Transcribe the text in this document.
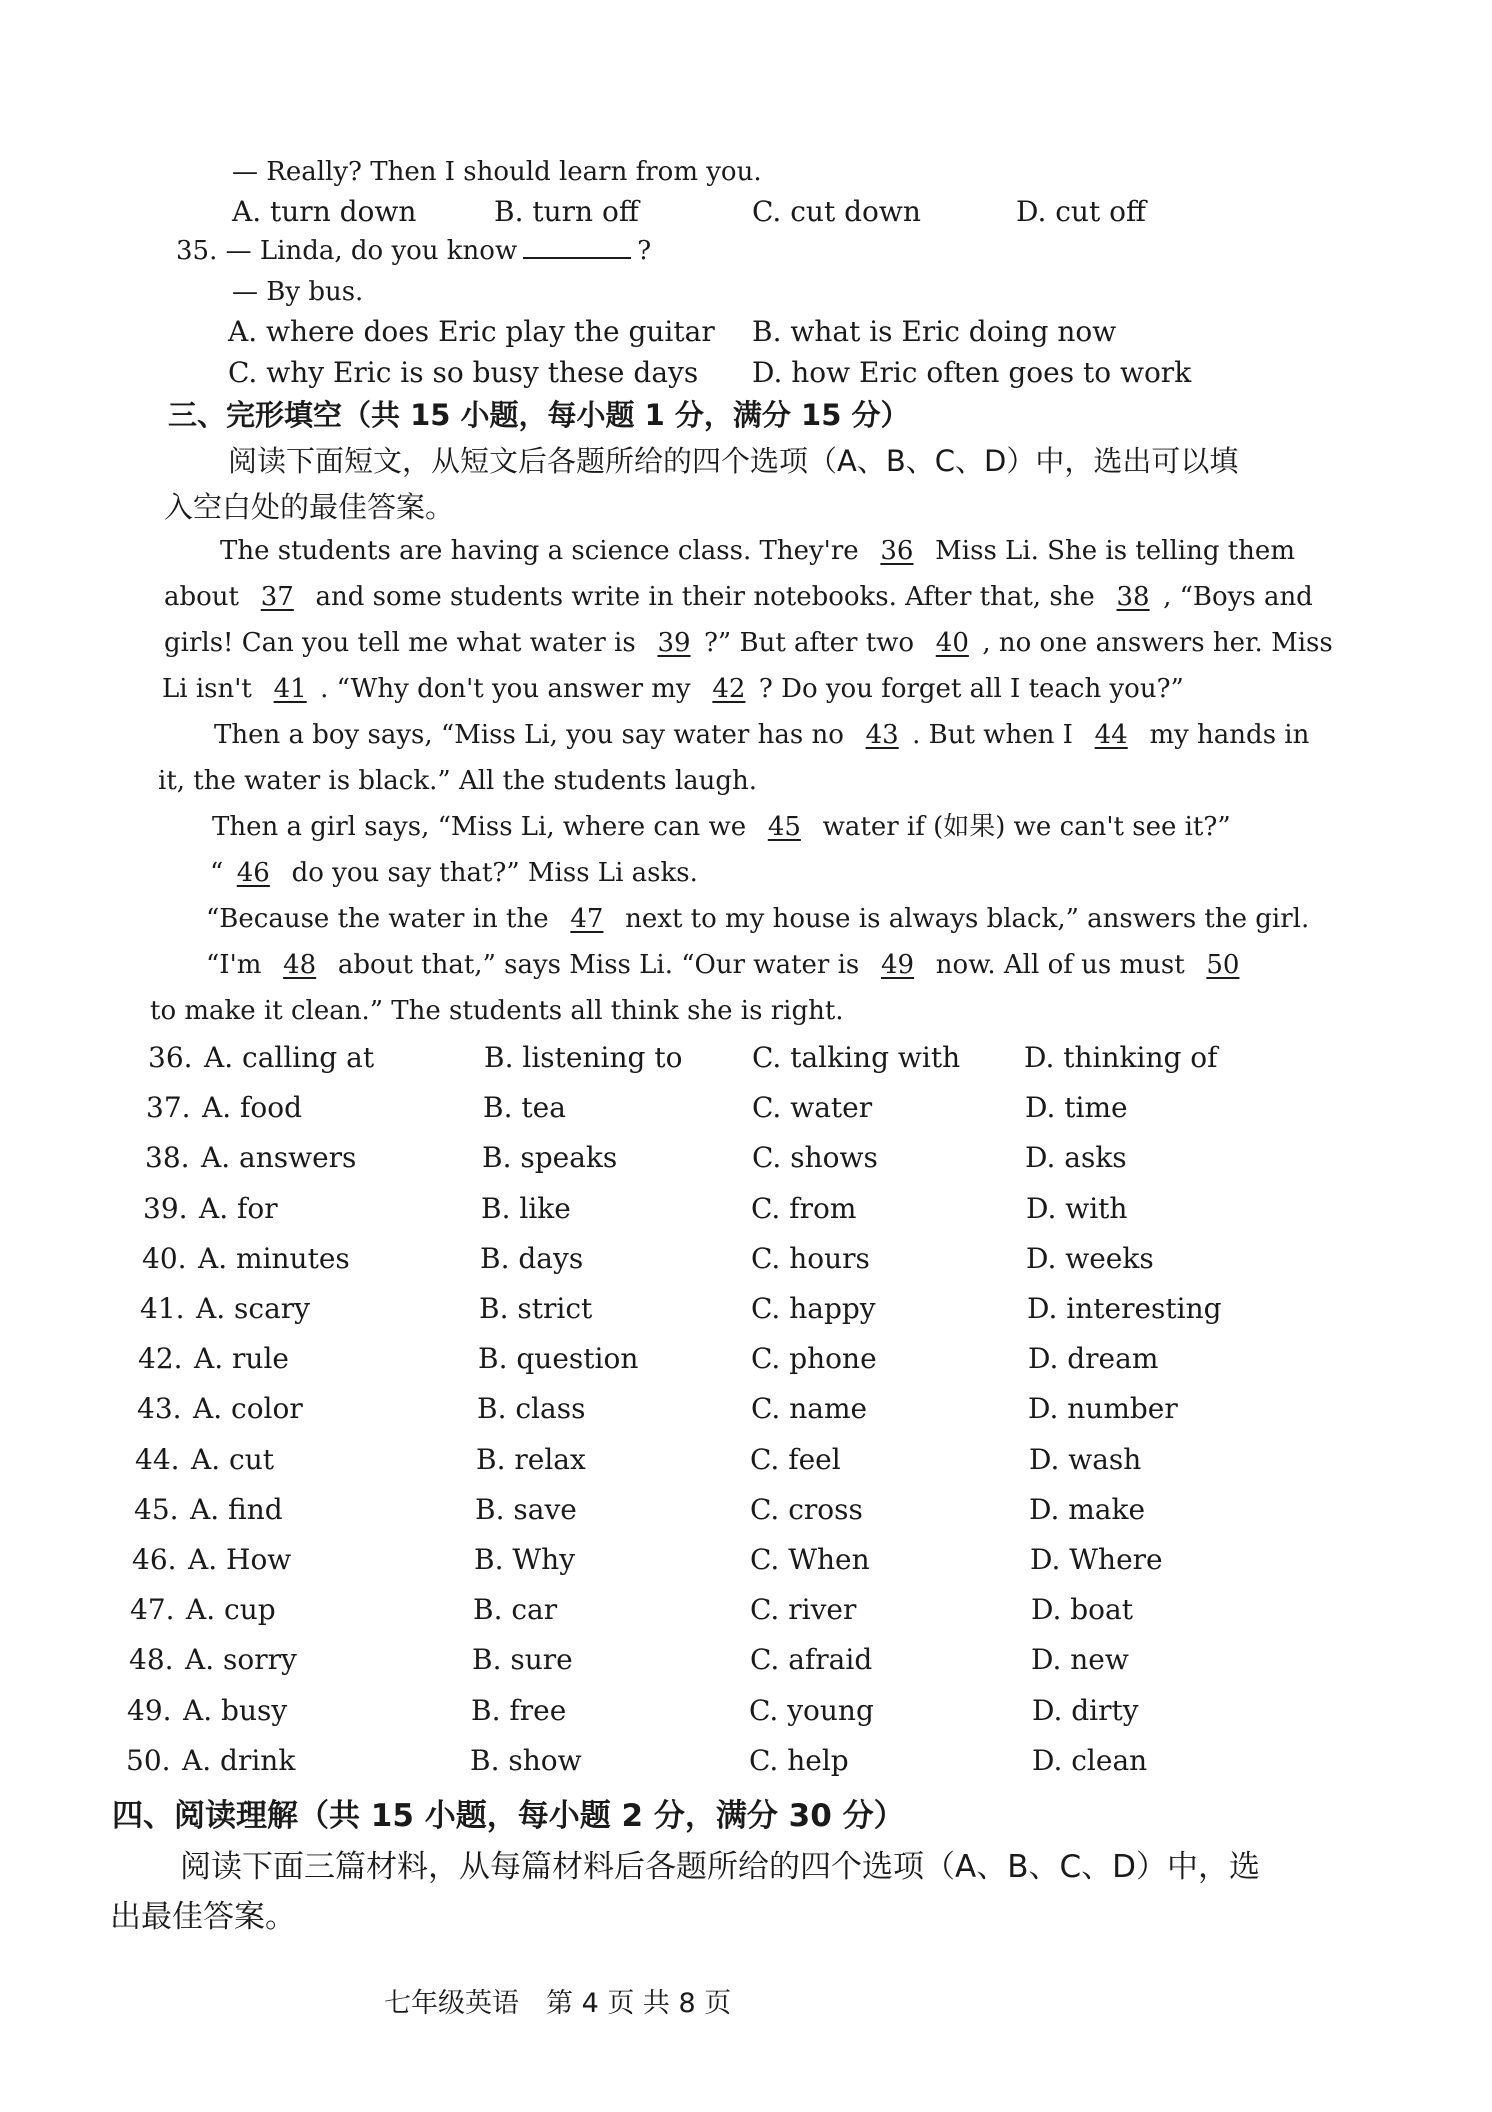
— Really? Then I should learn from you.
A. turn down	B. turn off	C. cut down	D. cut off
35. — Linda, do you know	?
— By bus.
A. where does Eric play the guitar B. what is Eric doing now
C. why Eric is so busy these days D. how Eric often goes to work
三、完形填空（共 15 小题，每小题 1 分，满分 15 分）
阅读下面短文，从短文后各题所给的四个选项（A、B、C、D）中，选出可以填
入空白处的最佳答案。
The students are having a science class. They're 36 Miss Li. She is telling them
about 37 and some students write in their notebooks. After that, she 38 , “Boys and
girls! Can you tell me what water is 39 ?” But after two 40 , no one answers her. Miss
Li isn't 41 . “Why don't you answer my 42 ? Do you forget all I teach you?”
Then a boy says, “Miss Li, you say water has no 43 . But when I 44 my hands in
it, the water is black.” All the students laugh.
Then a girl says, “Miss Li, where can we 45 water if (如果) we can't see it?”
“ 46 do you say that?” Miss Li asks.
“Because the water in the 47 next to my house is always black,” answers the girl.
“I'm 48 about that,” says Miss Li. “Our water is 49 now. All of us must 50
to make it clean.” The students all think she is right.
36. A. calling at	B. listening to C. talking with D. thinking of
37. A. food	B. tea	C. water	D. time
38. A. answers	B. speaks	C. shows	D. asks
39. A. for	B. like	C. from	D. with
40. A. minutes	B. days	C. hours	D. weeks
41. A. scary	B. strict	C. happy	D. interesting
42. A. rule	B. question	C. phone	D. dream
43. A. color	B. class	C. name	D. number
44. A. cut	B. relax	C. feel	D. wash
45. A. find	B. save	C. cross	D. make
46. A. How	B. Why	C. When	D. Where
47. A. cup	B. car	C. river	D. boat
48. A. sorry	B. sure	C. afraid	D. new
49. A. busy	B. free	C. young	D. dirty
50. A. drink	B. show	C. help	D. clean
四、阅读理解（共 15 小题，每小题 2 分，满分 30 分）
阅读下面三篇材料，从每篇材料后各题所给的四个选项（A、B、C、D）中，选
出最佳答案。
七年级英语　第 4 页 共 8 页
